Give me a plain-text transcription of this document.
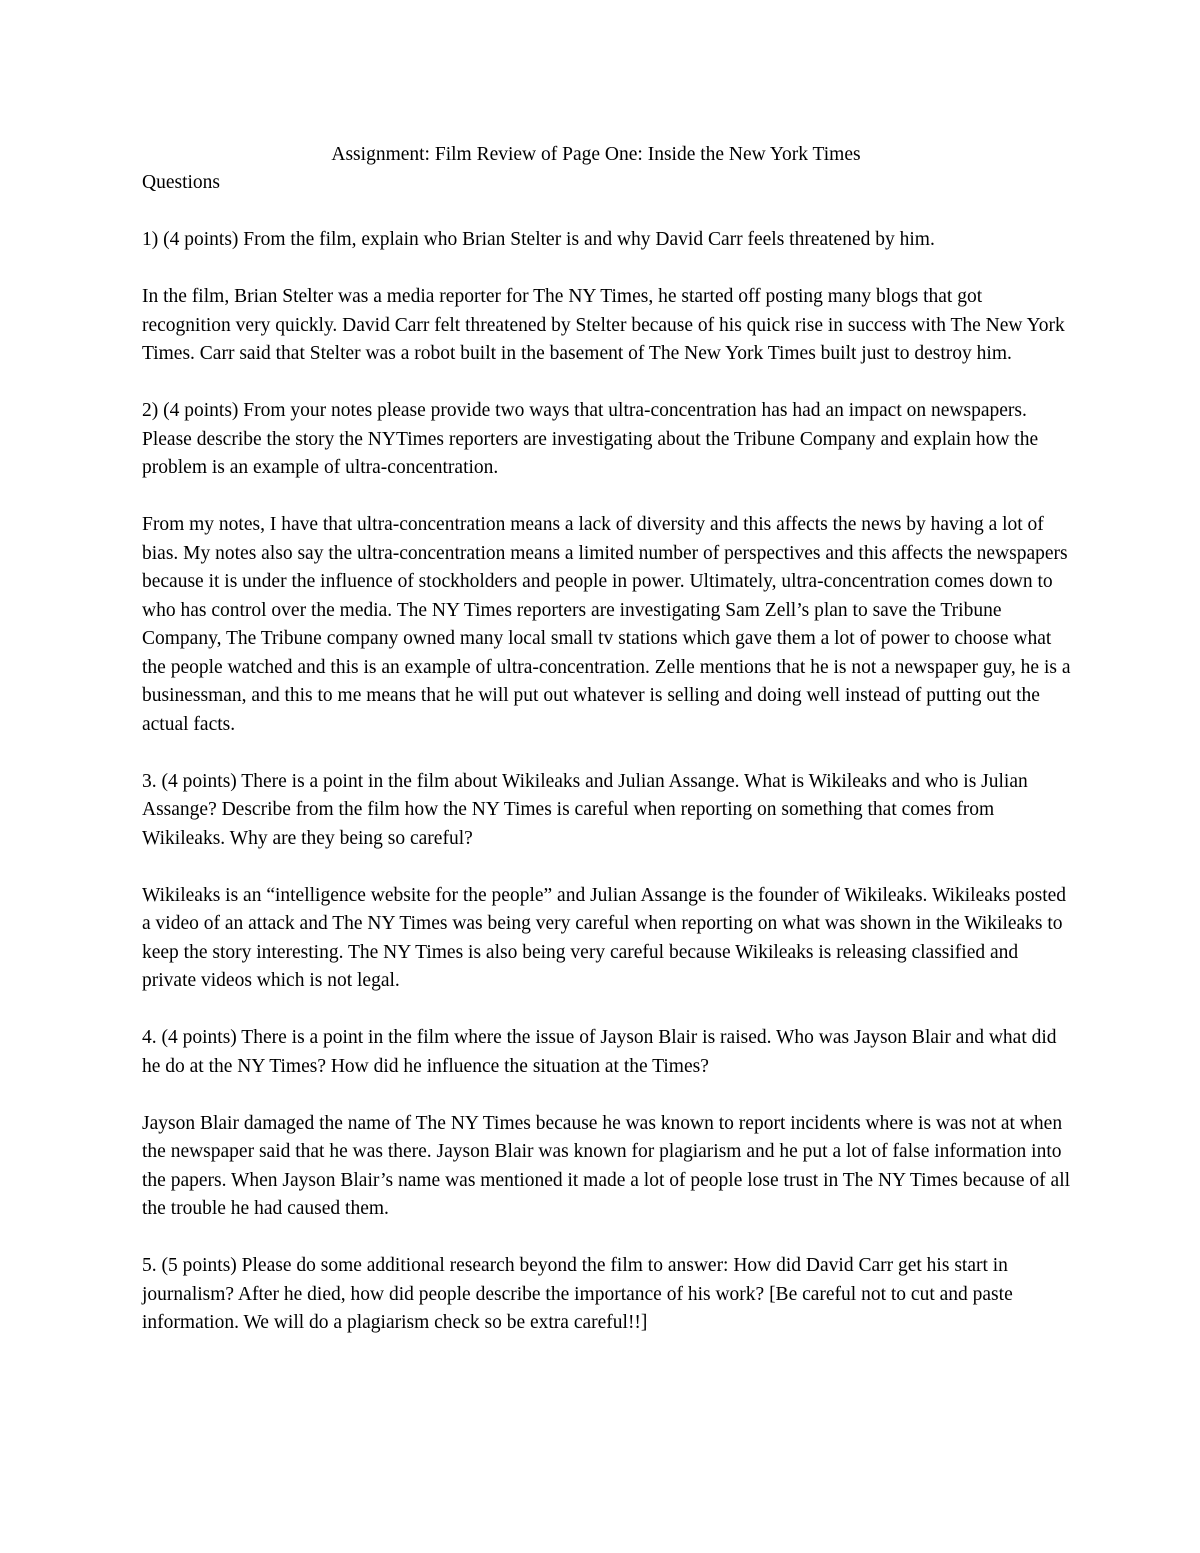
Assignment: Film Review of Page One: Inside the New York Times

Questions

1) (4 points) From the film, explain who Brian Stelter is and why David Carr feels threatened by him.

In the film, Brian Stelter was a media reporter for The NY Times, he started off posting many blogs that got recognition very quickly. David Carr felt threatened by Stelter because of his quick rise in success with The New York Times. Carr said that Stelter was a robot built in the basement of The New York Times built just to destroy him.

2) (4 points) From your notes please provide two ways that ultra-concentration has had an impact on newspapers. Please describe the story the NYTimes reporters are investigating about the Tribune Company and explain how the problem is an example of ultra-concentration.

From my notes, I have that ultra-concentration means a lack of diversity and this affects the news by having a lot of bias. My notes also say the ultra-concentration means a limited number of perspectives and this affects the newspapers because it is under the influence of stockholders and people in power. Ultimately, ultra-concentration comes down to who has control over the media. The NY Times reporters are investigating Sam Zell’s plan to save the Tribune Company, The Tribune company owned many local small tv stations which gave them a lot of power to choose what the people watched and this is an example of ultra-concentration. Zelle mentions that he is not a newspaper guy, he is a businessman, and this to me means that he will put out whatever is selling and doing well instead of putting out the actual facts.

3. (4 points) There is a point in the film about Wikileaks and Julian Assange. What is Wikileaks and who is Julian Assange? Describe from the film how the NY Times is careful when reporting on something that comes from Wikileaks. Why are they being so careful?

Wikileaks is an “intelligence website for the people” and Julian Assange is the founder of Wikileaks. Wikileaks posted a video of an attack and The NY Times was being very careful when reporting on what was shown in the Wikileaks to keep the story interesting. The NY Times is also being very careful because Wikileaks is releasing classified and private videos which is not legal.

4. (4 points) There is a point in the film where the issue of Jayson Blair is raised. Who was Jayson Blair and what did he do at the NY Times? How did he influence the situation at the Times?

Jayson Blair damaged the name of The NY Times because he was known to report incidents where is was not at when the newspaper said that he was there. Jayson Blair was known for plagiarism and he put a lot of false information into the papers. When Jayson Blair’s name was mentioned it made a lot of people lose trust in The NY Times because of all the trouble he had caused them.

5. (5 points) Please do some additional research beyond the film to answer: How did David Carr get his start in journalism? After he died, how did people describe the importance of his work? [Be careful not to cut and paste information. We will do a plagiarism check so be extra careful!!]
